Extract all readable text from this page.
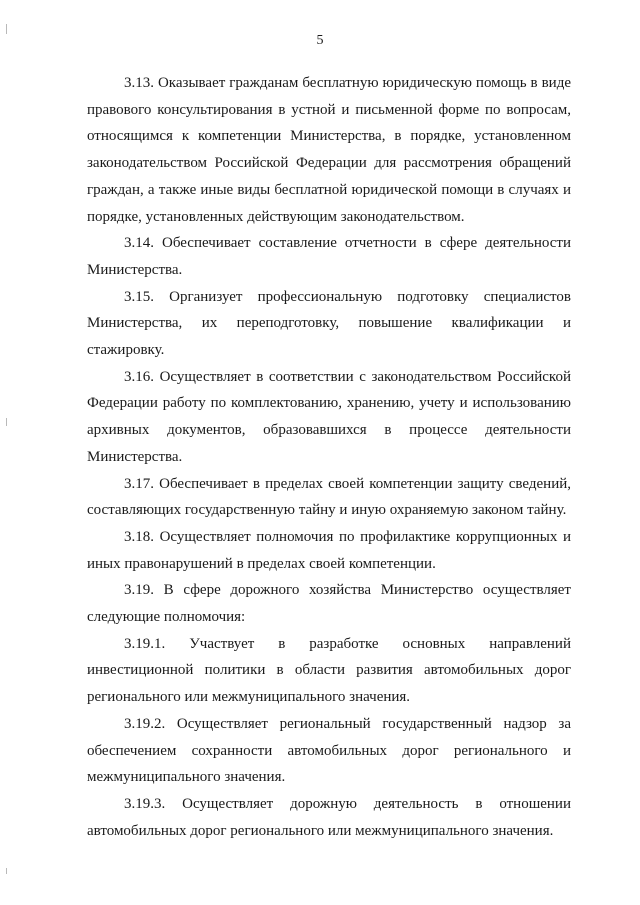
5

3.13. Оказывает гражданам бесплатную юридическую помощь в виде правового консультирования в устной и письменной форме по вопросам, относящимся к компетенции Министерства, в порядке, установленном законодательством Российской Федерации для рассмотрения обращений граждан, а также иные виды бесплатной юридической помощи в случаях и порядке, установленных действующим законодательством.

3.14. Обеспечивает составление отчетности в сфере деятельности Министерства.

3.15. Организует профессиональную подготовку специалистов Министерства, их переподготовку, повышение квалификации и стажировку.

3.16. Осуществляет в соответствии с законодательством Российской Федерации работу по комплектованию, хранению, учету и использованию архивных документов, образовавшихся в процессе деятельности Министерства.

3.17. Обеспечивает в пределах своей компетенции защиту сведений, составляющих государственную тайну и иную охраняемую законом тайну.

3.18. Осуществляет полномочия по профилактике коррупционных и иных правонарушений в пределах своей компетенции.

3.19. В сфере дорожного хозяйства Министерство осуществляет следующие полномочия:

3.19.1. Участвует в разработке основных направлений инвестиционной политики в области развития автомобильных дорог регионального или межмуниципального значения.

3.19.2. Осуществляет региональный государственный надзор за обеспечением сохранности автомобильных дорог регионального и межмуниципального значения.

3.19.3. Осуществляет дорожную деятельность в отношении автомобильных дорог регионального или межмуниципального значения.
